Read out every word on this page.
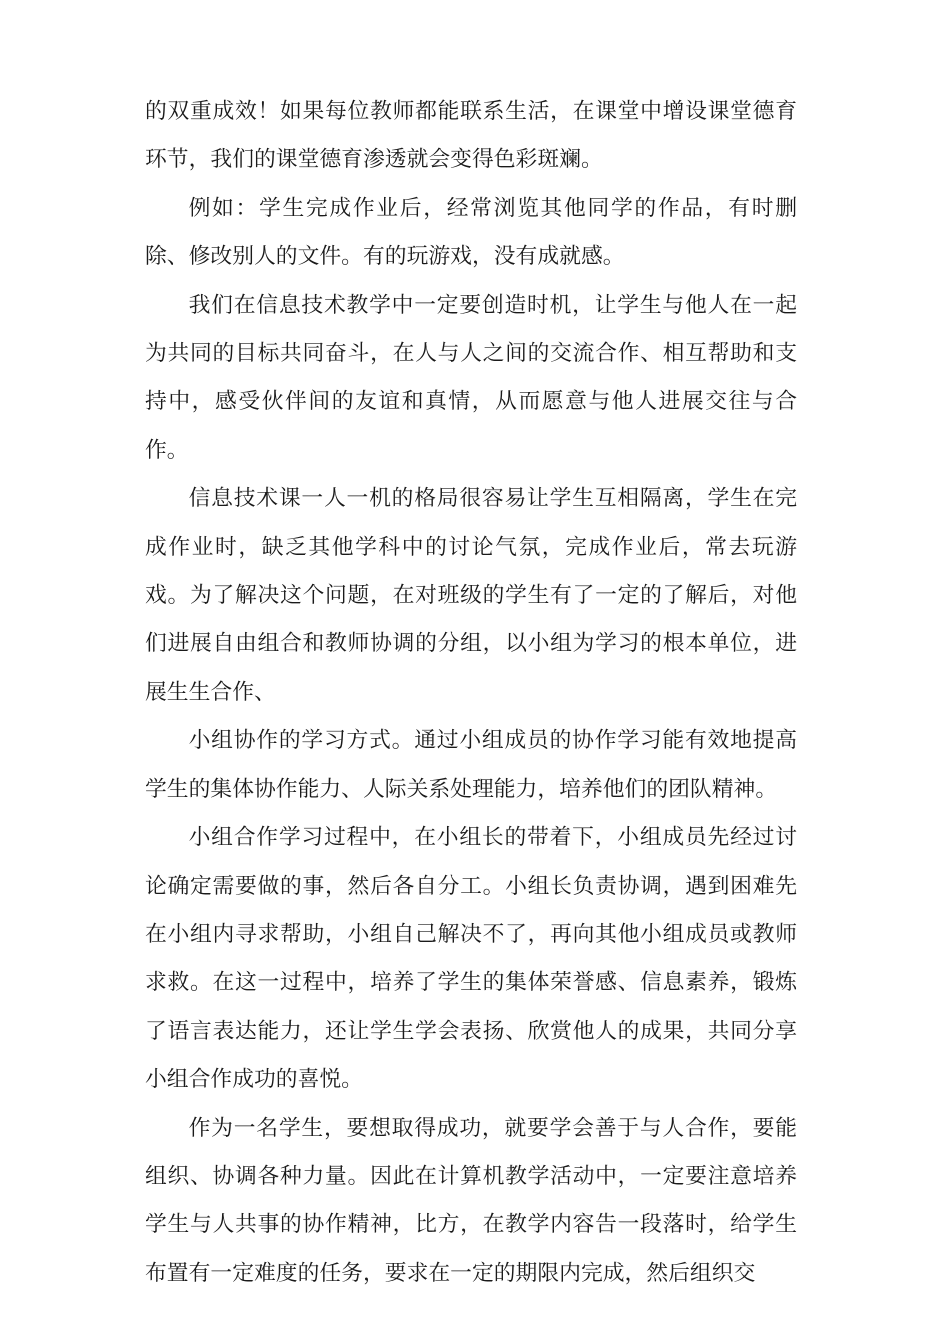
的双重成效！如果每位教师都能联系生活，在课堂中增设课堂德育环节，我们的课堂德育渗透就会变得色彩斑斓。

例如：学生完成作业后，经常浏览其他同学的作品，有时删除、修改别人的文件。有的玩游戏，没有成就感。

我们在信息技术教学中一定要创造时机，让学生与他人在一起为共同的目标共同奋斗，在人与人之间的交流合作、相互帮助和支持中，感受伙伴间的友谊和真情，从而愿意与他人进展交往与合作。

信息技术课一人一机的格局很容易让学生互相隔离，学生在完成作业时，缺乏其他学科中的讨论气氛，完成作业后，常去玩游戏。为了解决这个问题，在对班级的学生有了一定的了解后，对他们进展自由组合和教师协调的分组，以小组为学习的根本单位，进展生生合作、

小组协作的学习方式。通过小组成员的协作学习能有效地提高学生的集体协作能力、人际关系处理能力，培养他们的团队精神。

小组合作学习过程中，在小组长的带着下，小组成员先经过讨论确定需要做的事，然后各自分工。小组长负责协调，遇到困难先在小组内寻求帮助，小组自己解决不了，再向其他小组成员或教师求救。在这一过程中，培养了学生的集体荣誉感、信息素养，锻炼了语言表达能力，还让学生学会表扬、欣赏他人的成果，共同分享小组合作成功的喜悦。

作为一名学生，要想取得成功，就要学会善于与人合作，要能组织、协调各种力量。因此在计算机教学活动中，一定要注意培养学生与人共事的协作精神，比方，在教学内容告一段落时，给学生布置有一定难度的任务，要求在一定的期限内完成，然后组织交
